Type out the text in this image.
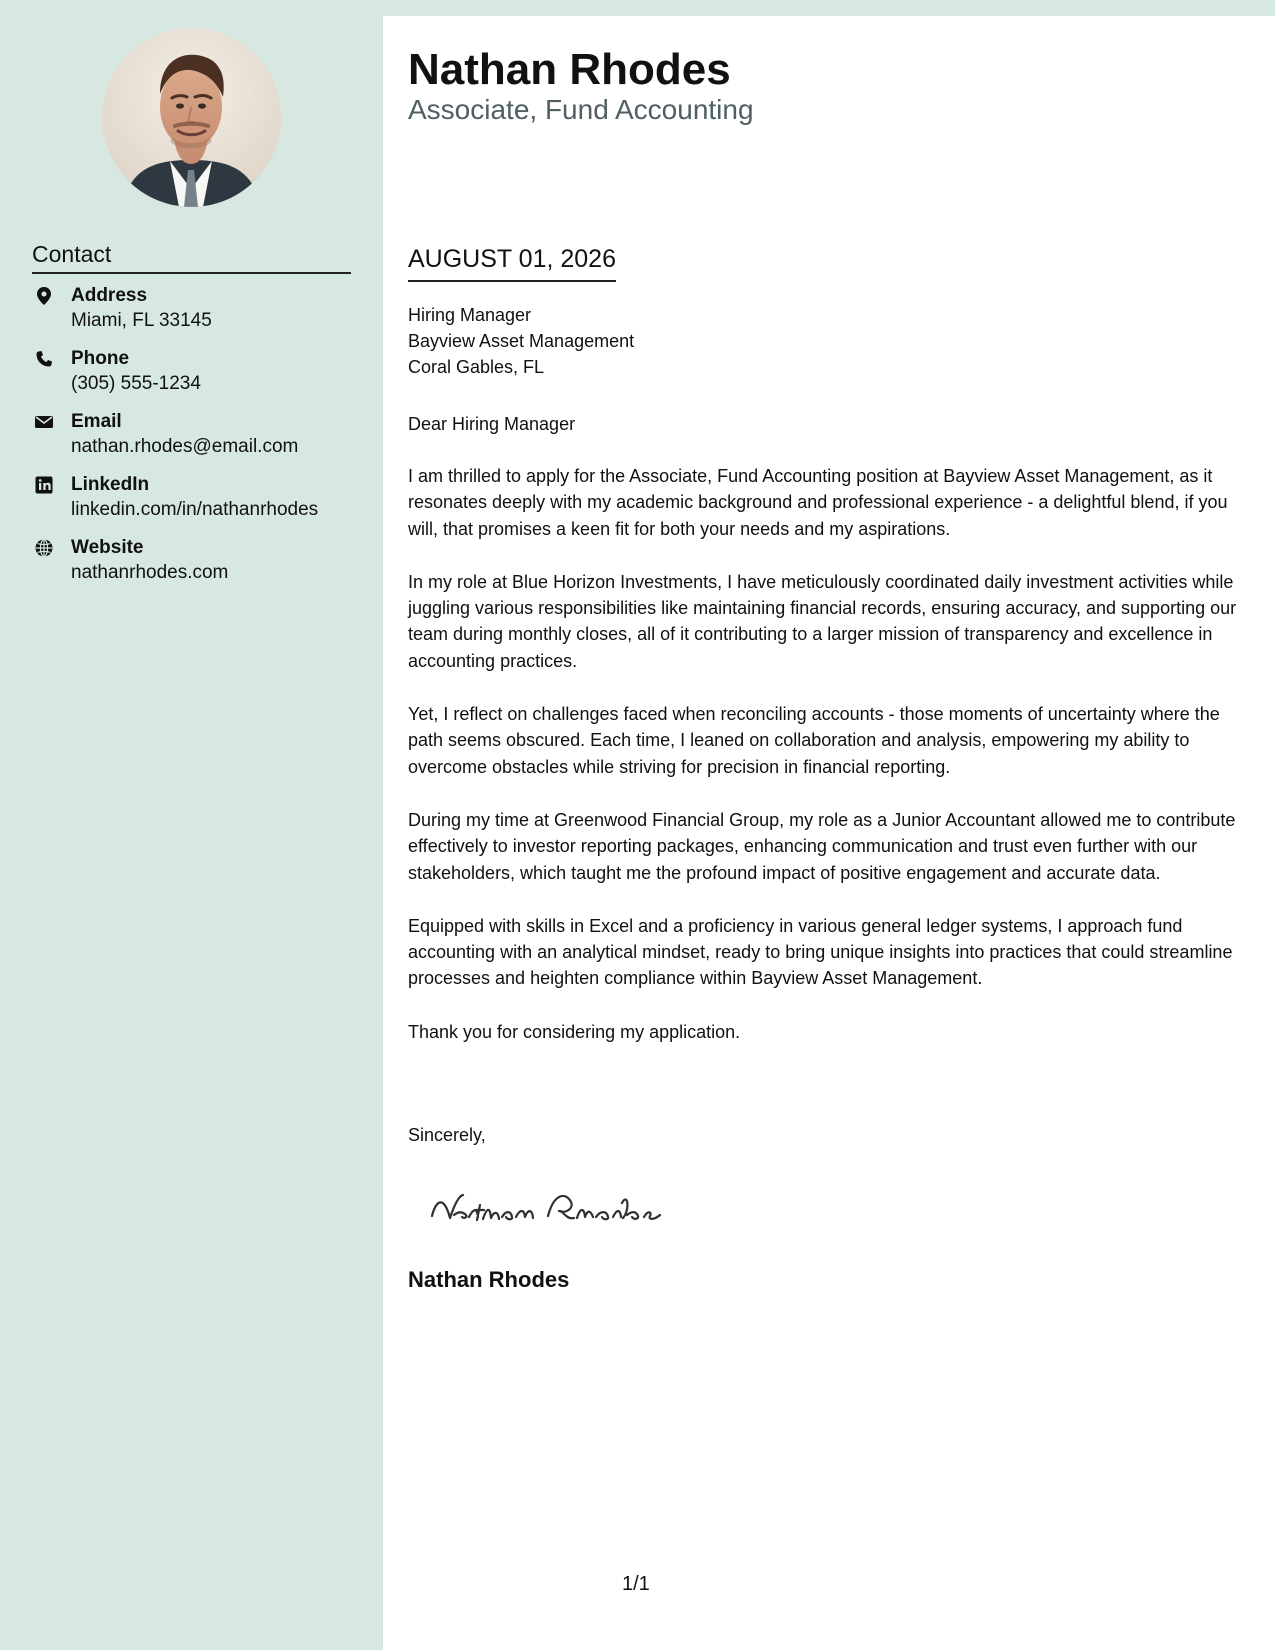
Contact
Address
Miami, FL 33145
Phone
(305) 555-1234
Email
nathan.rhodes@email.com
LinkedIn
linkedin.com/in/nathanrhodes
Website
nathanrhodes.com
Nathan Rhodes
Associate, Fund Accounting
AUGUST 01, 2026
Hiring Manager
Bayview Asset Management
Coral Gables, FL
Dear Hiring Manager

I am thrilled to apply for the Associate, Fund Accounting position at Bayview Asset Management, as it resonates deeply with my academic background and professional experience - a delightful blend, if you will, that promises a keen fit for both your needs and my aspirations.

In my role at Blue Horizon Investments, I have meticulously coordinated daily investment activities while juggling various responsibilities like maintaining financial records, ensuring accuracy, and supporting our team during monthly closes, all of it contributing to a larger mission of transparency and excellence in accounting practices.

Yet, I reflect on challenges faced when reconciling accounts - those moments of uncertainty where the path seems obscured. Each time, I leaned on collaboration and analysis, empowering my ability to overcome obstacles while striving for precision in financial reporting.

During my time at Greenwood Financial Group, my role as a Junior Accountant allowed me to contribute effectively to investor reporting packages, enhancing communication and trust even further with our stakeholders, which taught me the profound impact of positive engagement and accurate data.

Equipped with skills in Excel and a proficiency in various general ledger systems, I approach fund accounting with an analytical mindset, ready to bring unique insights into practices that could streamline processes and heighten compliance within Bayview Asset Management.

Thank you for considering my application.

Sincerely,
Nathan Rhodes
1/1
